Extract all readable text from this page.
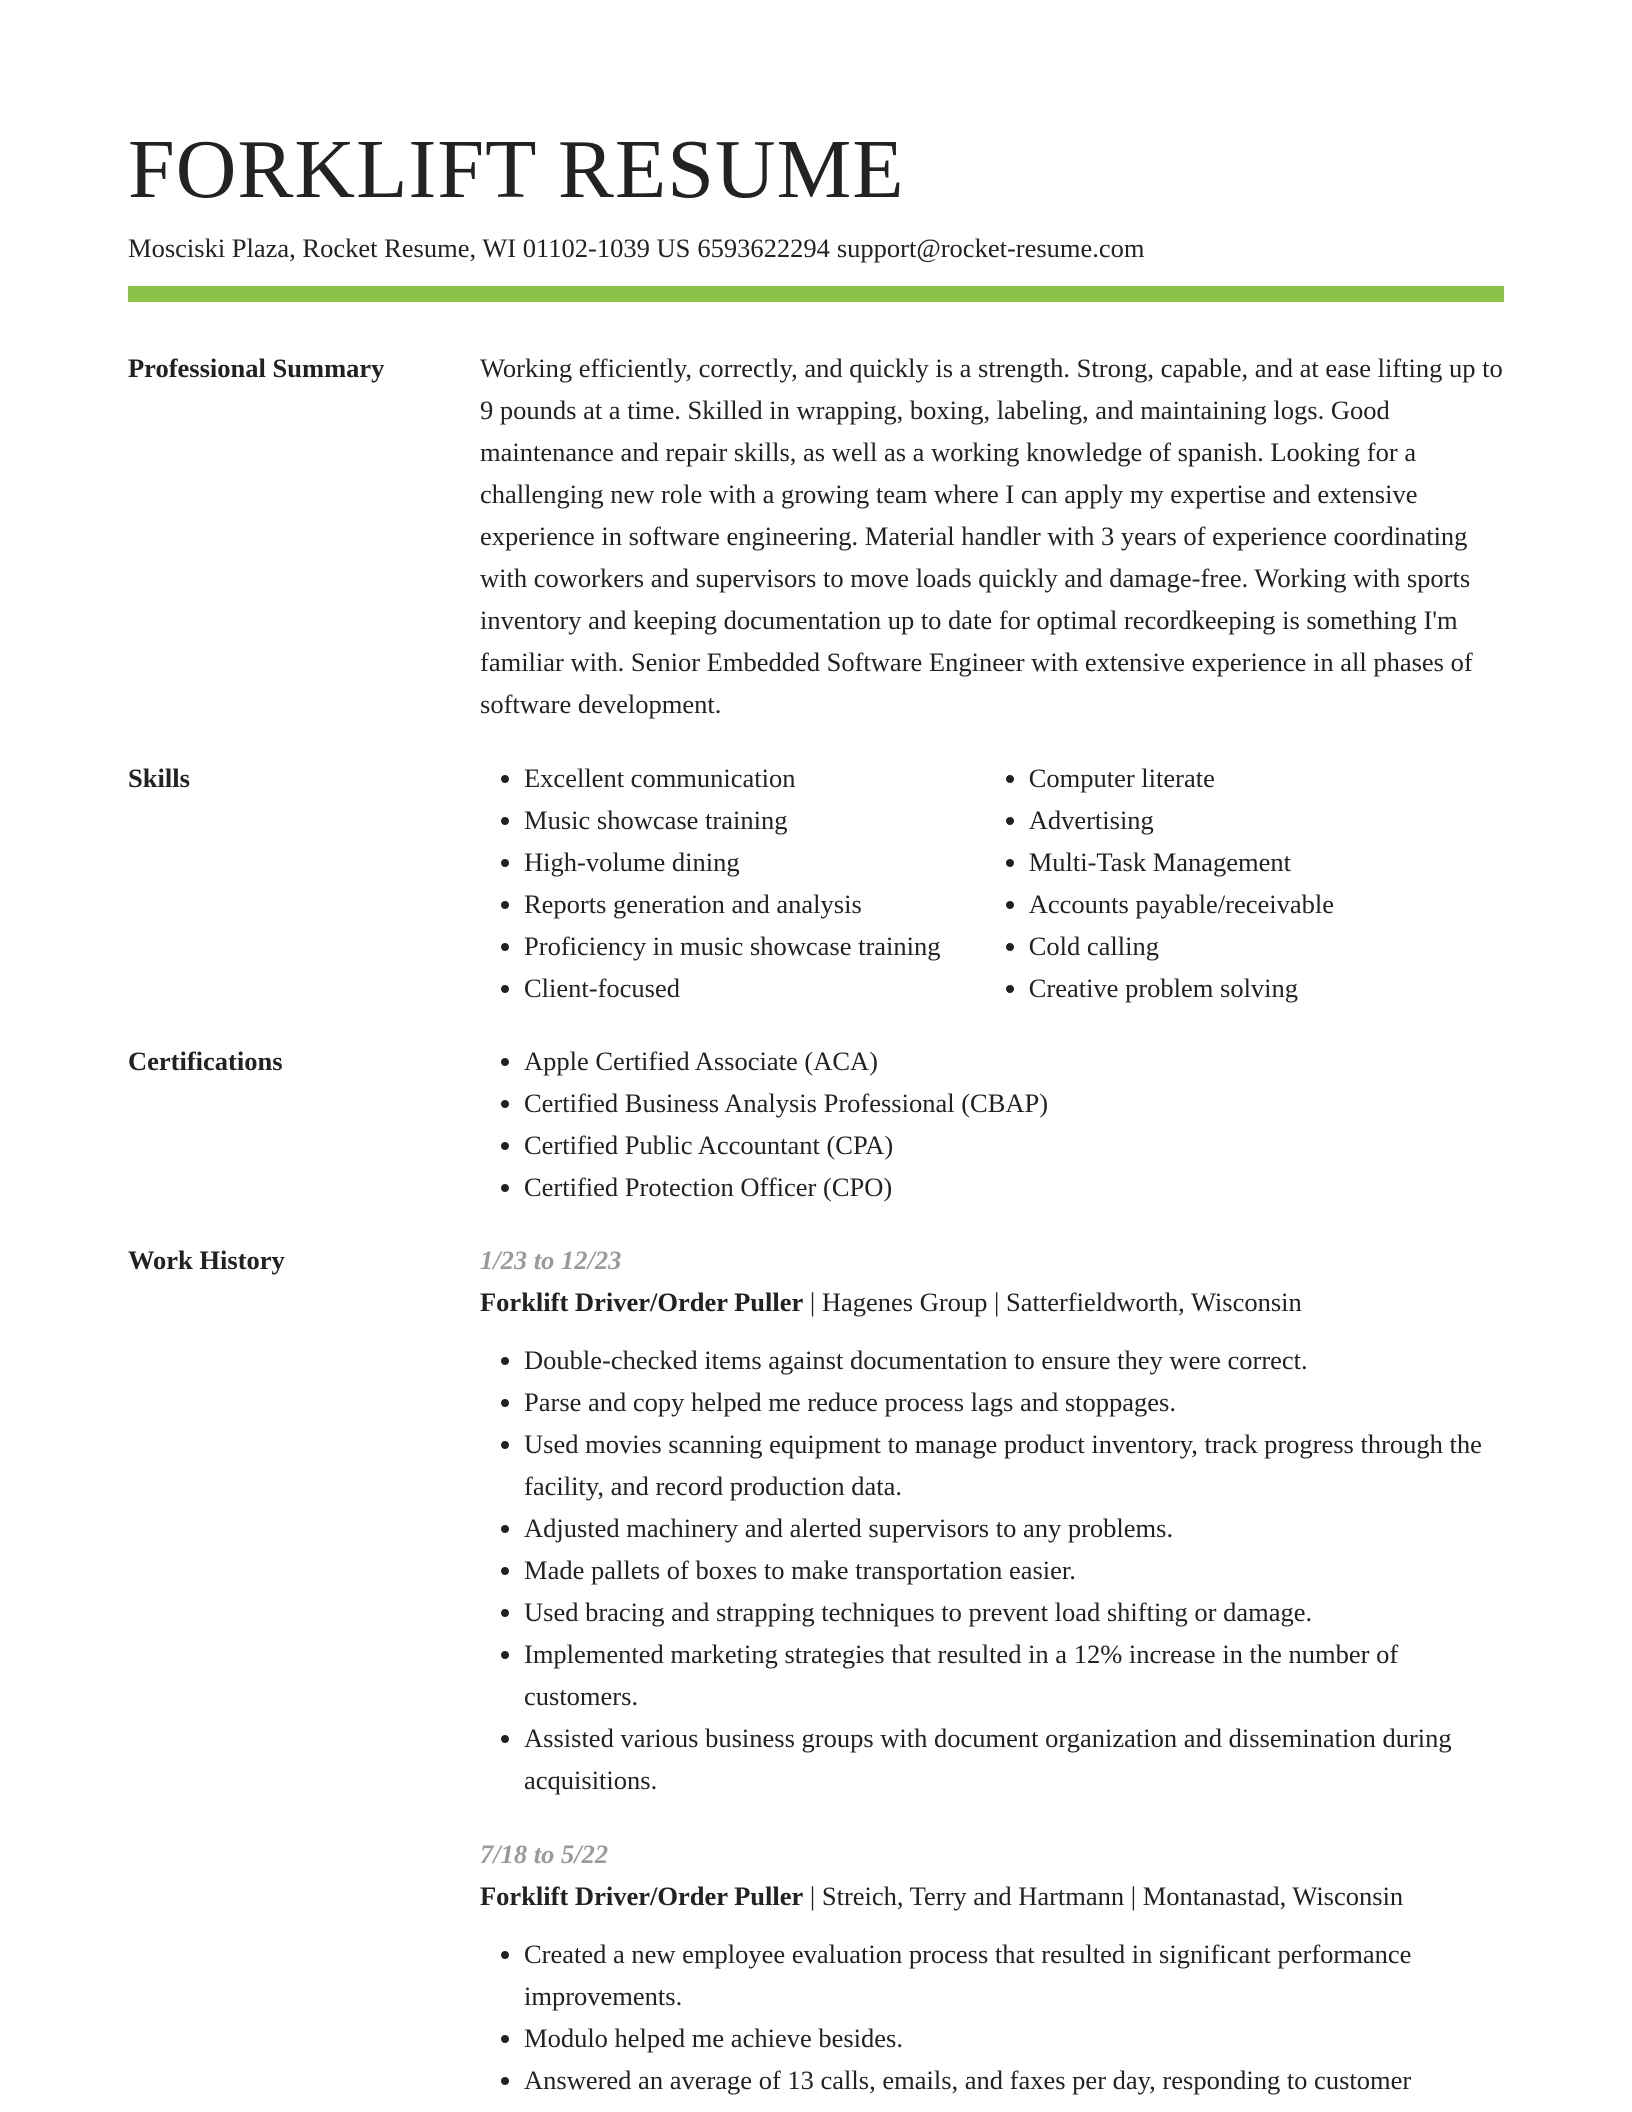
FORKLIFT RESUME
Mosciski Plaza, Rocket Resume, WI 01102-1039 US 6593622294 support@rocket-resume.com
Professional Summary	Working efficiently, correctly, and quickly is a strength. Strong, capable, and at ease lifting up to 9 pounds at a time. Skilled in wrapping, boxing, labeling, and maintaining logs. Good maintenance and repair skills, as well as a working knowledge of spanish. Looking for a challenging new role with a growing team where I can apply my expertise and extensive experience in software engineering. Material handler with 3 years of experience coordinating with coworkers and supervisors to move loads quickly and damage-free. Working with sports inventory and keeping documentation up to date for optimal recordkeeping is something I'm familiar with. Senior Embedded Software Engineer with extensive experience in all phases of software development.

Skills	• Excellent communication
• Music showcase training
• High-volume dining
• Reports generation and analysis
• Proficiency in music showcase training
• Client-focused
• Computer literate
• Advertising
• Multi-Task Management
• Accounts payable/receivable
• Cold calling
• Creative problem solving
Certifications	• Apple Certified Associate (ACA)
• Certified Business Analysis Professional (CBAP)
• Certified Public Accountant (CPA)
• Certified Protection Officer (CPO)
Work History	1/23 to 12/23
Forklift Driver/Order Puller | Hagenes Group | Satterfieldworth, Wisconsin
• Double-checked items against documentation to ensure they were correct.
• Parse and copy helped me reduce process lags and stoppages.
• Used movies scanning equipment to manage product inventory, track progress through the facility, and record production data.
• Adjusted machinery and alerted supervisors to any problems.
• Made pallets of boxes to make transportation easier.
• Used bracing and strapping techniques to prevent load shifting or damage.
• Implemented marketing strategies that resulted in a 12% increase in the number of customers.
• Assisted various business groups with document organization and dissemination during acquisitions.
7/18 to 5/22
Forklift Driver/Order Puller | Streich, Terry and Hartmann | Montanastad, Wisconsin
• Created a new employee evaluation process that resulted in significant performance improvements.
• Modulo helped me achieve besides.
• Answered an average of 13 calls, emails, and faxes per day, responding to customer
